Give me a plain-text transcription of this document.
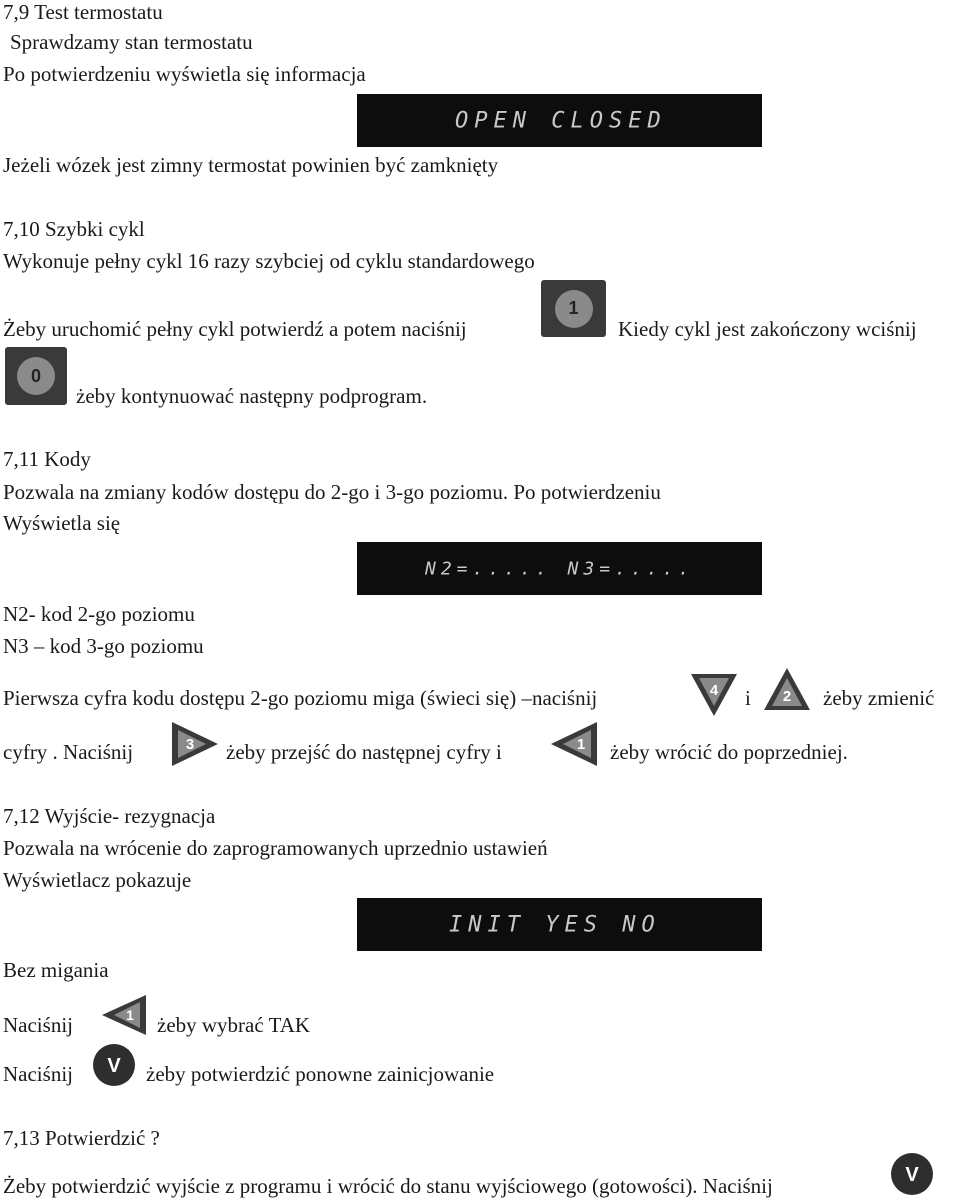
7,9 Test termostatu
Sprawdzamy stan termostatu
Po potwierdzeniu wyświetla się informacja
OPEN CLOSED
Jeżeli wózek jest zimny termostat powinien być zamknięty
7,10 Szybki cykl
Wykonuje pełny cykl 16 razy szybciej od cyklu standardowego
Żeby uruchomić pełny cykl potwierdź a potem naciśnij
1
Kiedy cykl jest zakończony wciśnij
0
żeby kontynuować następny podprogram.
7,11 Kody
Pozwala na zmiany kodów dostępu do 2-go i 3-go poziomu. Po potwierdzeniu
Wyświetla się
N2=..... N3=.....
N2- kod 2-go poziomu
N3 – kod 3-go poziomu
Pierwsza cyfra kodu dostępu 2-go poziomu miga (świeci się) –naciśnij	4 i 2 żeby zmienić
cyfry . Naciśnij	3 żeby przejść do następnej cyfry i	1 żeby wrócić do poprzedniej.
7,12 Wyjście- rezygnacja
Pozwala na wrócenie do zaprogramowanych uprzednio ustawień
Wyświetlacz pokazuje
INIT YES NO
Bez migania
Naciśnij	1 żeby wybrać TAK
Naciśnij V żeby potwierdzić ponowne zainicjowanie
7,13 Potwierdzić ?
Żeby potwierdzić wyjście z programu i wrócić do stanu wyjściowego (gotowości). Naciśnij	V
